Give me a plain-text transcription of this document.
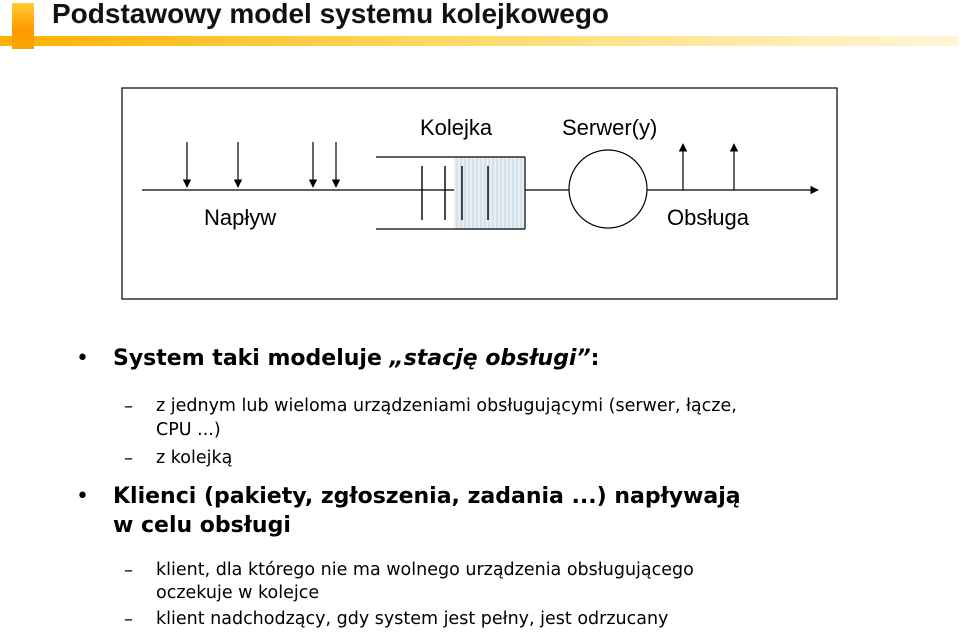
Podstawowy model systemu kolejkowego
Kolejka	Serwer(y)
Napływ	Obsługa
• System taki modeluje „stację obsługi”:
– z jednym lub wieloma urządzeniami obsługującymi (serwer, łącze,
CPU ...)
– z kolejką
• Klienci (pakiety, zgłoszenia, zadania ...) napływają
w celu obsługi
– klient, dla którego nie ma wolnego urządzenia obsługującego
oczekuje w kolejce
– klient nadchodzący, gdy system jest pełny, jest odrzucany
